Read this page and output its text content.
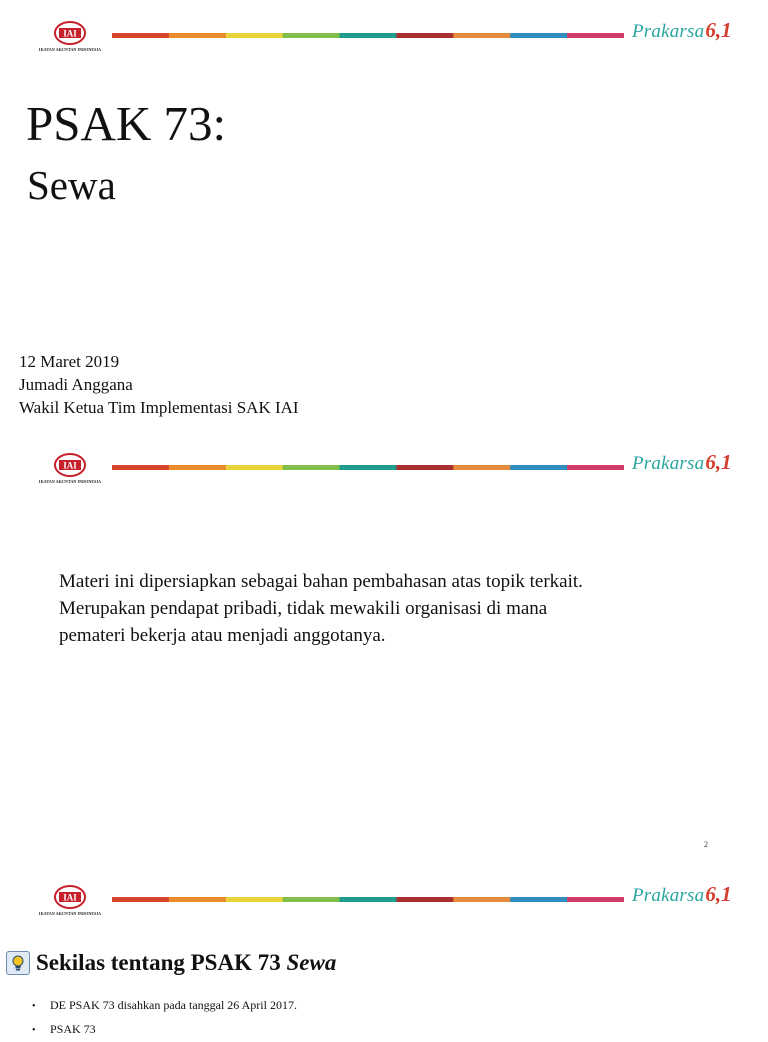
IAI
IKATAN AKUNTAN INDONESIA
Prakarsa6,1
PSAK 73:
Sewa
12 Maret 2019
Jumadi Anggana
Wakil Ketua Tim Implementasi SAK IAI
IAI
IKATAN AKUNTAN INDONESIA
Prakarsa6,1
Materi ini dipersiapkan sebagai bahan pembahasan atas topik terkait.
Merupakan pendapat pribadi, tidak mewakili organisasi di mana
pemateri bekerja atau menjadi anggotanya.
2
IAI
IKATAN AKUNTAN INDONESIA
Prakarsa6,1
Sekilas tentang PSAK 73 Sewa
• DE PSAK 73 disahkan pada tanggal 26 April 2017.
• PSAK 73
